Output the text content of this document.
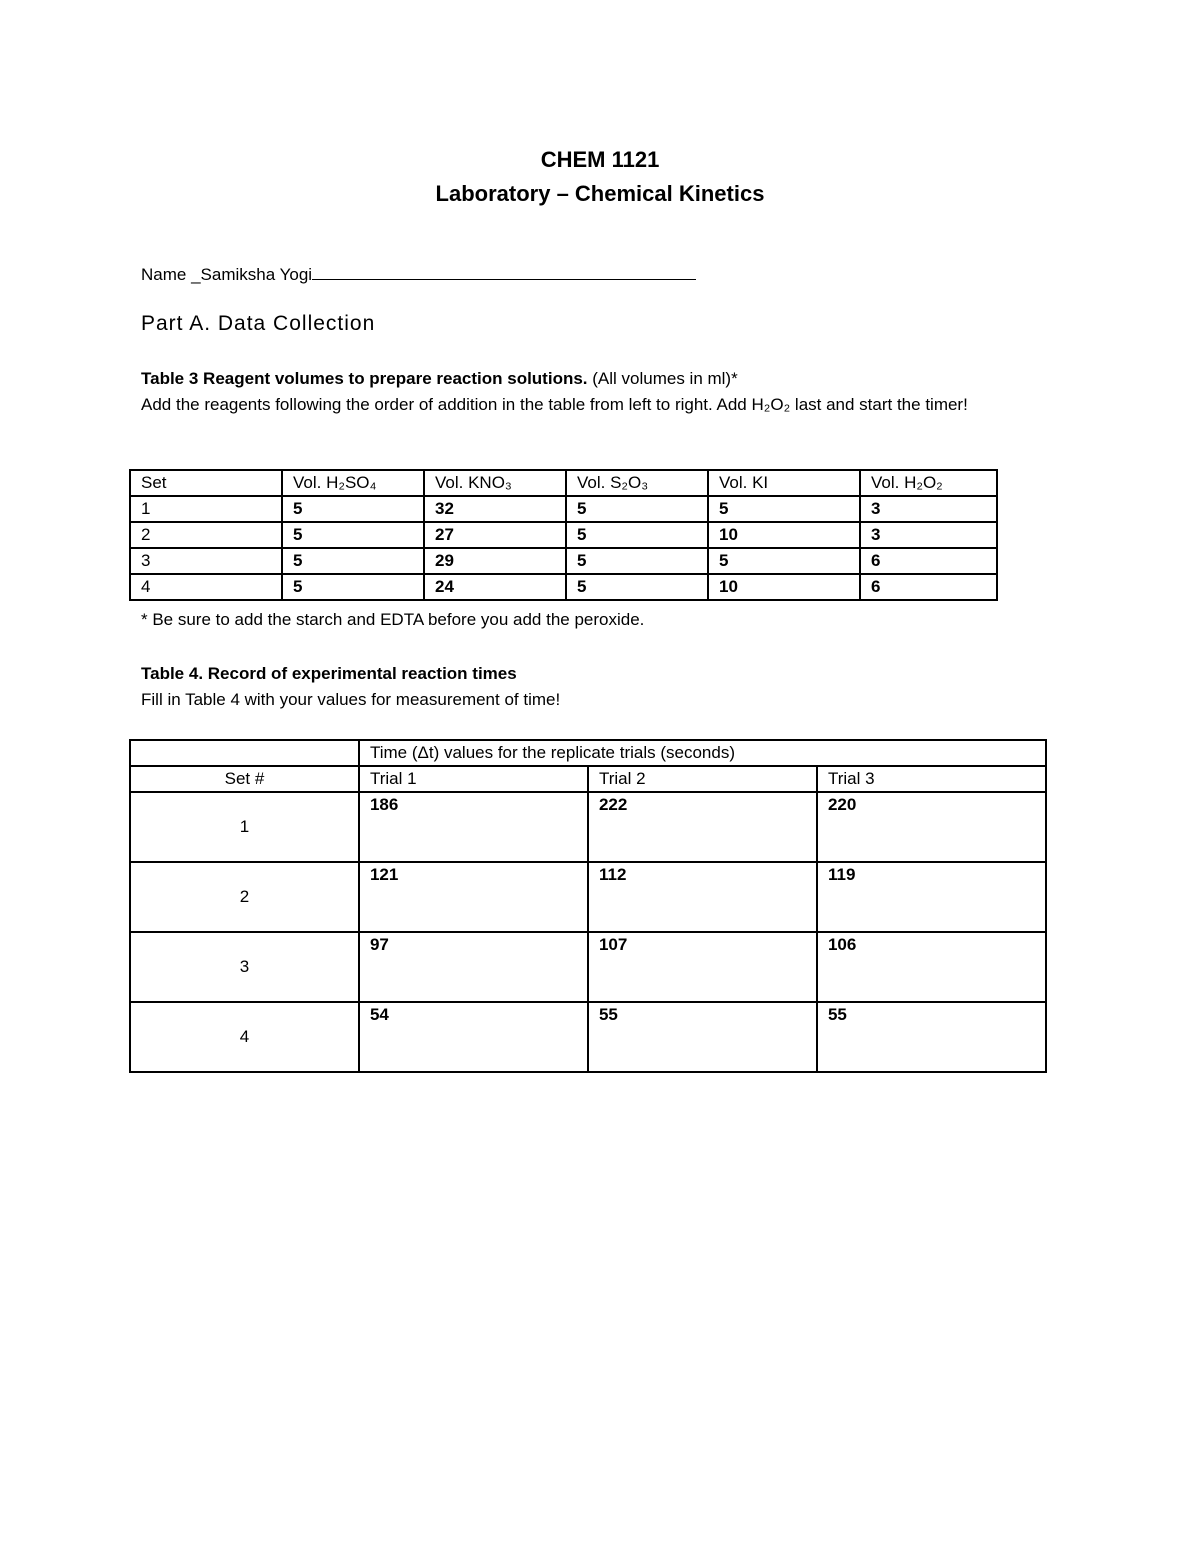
CHEM 1121
Laboratory – Chemical Kinetics
Name _Samiksha Yogi
Part A. Data Collection
Table 3 Reagent volumes to prepare reaction solutions. (All volumes in ml)*
Add the reagents following the order of addition in the table from left to right. Add H₂O₂ last and start the timer!
Set	Vol. H₂SO₄	Vol. KNO₃	Vol. S₂O₃	Vol. KI	Vol. H₂O₂
1	5	32	5	5	3
2	5	27	5	10	3
3	5	29	5	5	6
4	5	24	5	10	6
* Be sure to add the starch and EDTA before you add the peroxide.
Table 4. Record of experimental reaction times
Fill in Table 4 with your values for measurement of time!
	Time (Δt) values for the replicate trials (seconds)		
Set #	Trial 1	Trial 2	Trial 3
1	186	222	220
2	121	112	119
3	97	107	106
4	54	55	55
